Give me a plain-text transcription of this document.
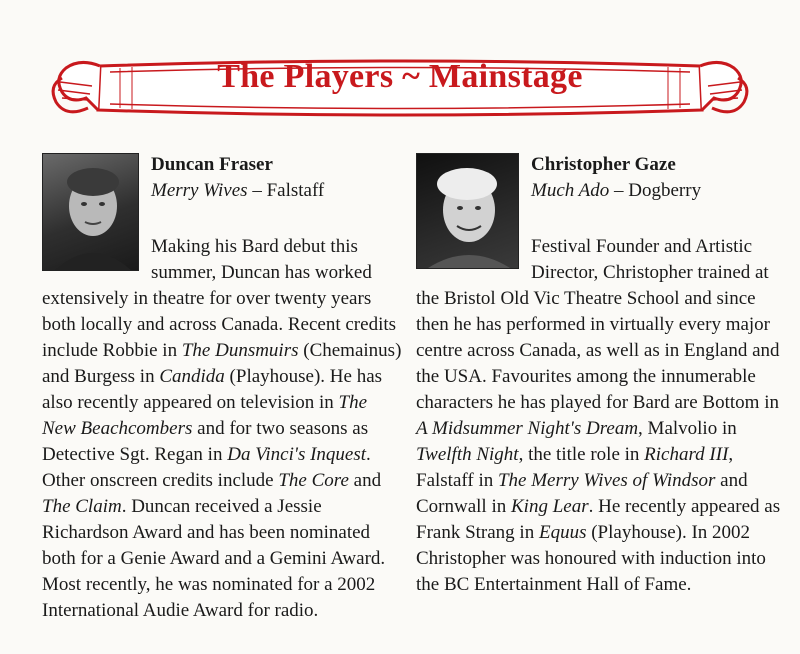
The Players ~ Mainstage
Duncan Fraser
Merry Wives – Falstaff
Making his Bard debut this summer, Duncan has worked extensively in theatre for over twenty years both locally and across Canada. Recent credits include Robbie in The Dunsmuirs (Chemainus) and Burgess in Candida (Playhouse). He has also recently appeared on television in The New Beachcombers and for two seasons as Detective Sgt. Regan in Da Vinci's Inquest. Other onscreen credits include The Core and The Claim. Duncan received a Jessie Richardson Award and has been nominated both for a Genie Award and a Gemini Award. Most recently, he was nominated for a 2002 International Audie Award for radio.
Christopher Gaze
Much Ado – Dogberry
Festival Founder and Artistic Director, Christopher trained at the Bristol Old Vic Theatre School and since then he has performed in virtually every major centre across Canada, as well as in England and the USA. Favourites among the innumerable characters he has played for Bard are Bottom in A Midsummer Night's Dream, Malvolio in Twelfth Night, the title role in Richard III, Falstaff in The Merry Wives of Windsor and Cornwall in King Lear. He recently appeared as Frank Strang in Equus (Playhouse). In 2002 Christopher was honoured with induction into the BC Entertainment Hall of Fame.
